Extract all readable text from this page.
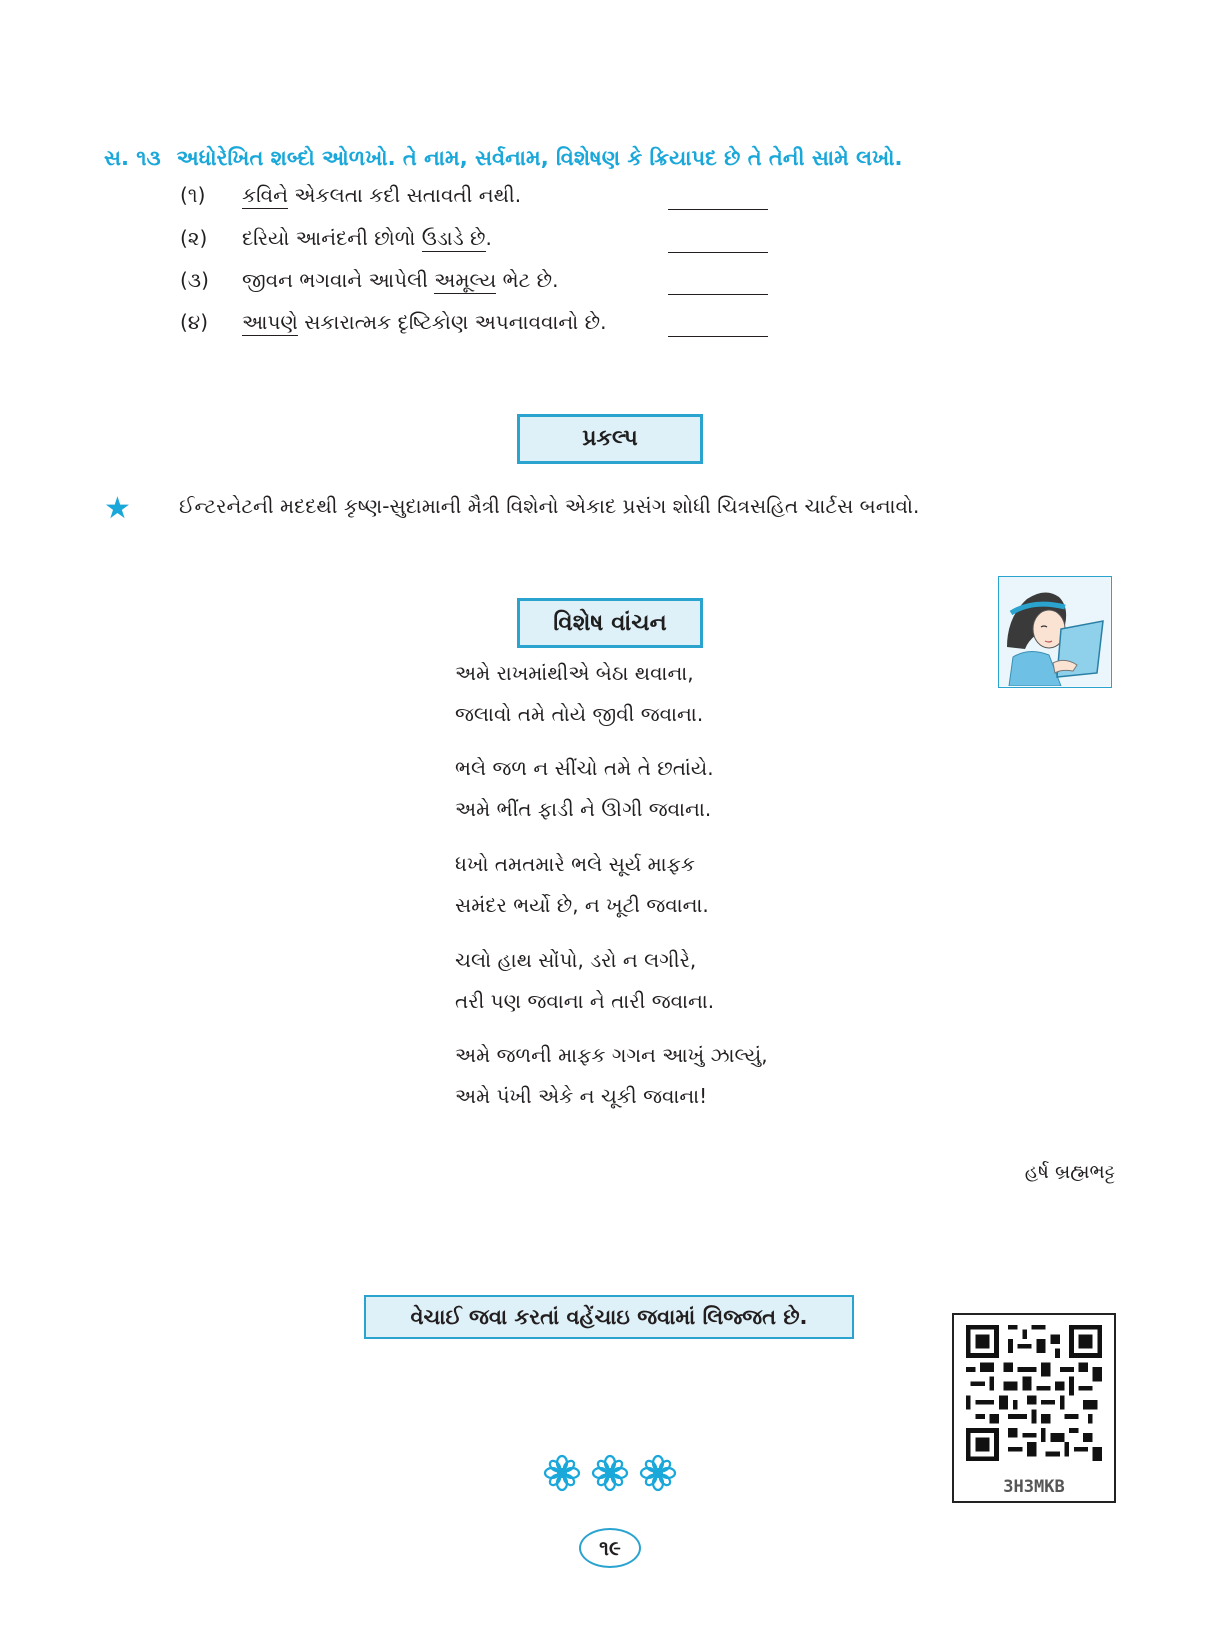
સ. ૧૩ અધોરેખિત શબ્દો ઓળખો. તે નામ, સર્વનામ, વિશેષણ કે ક્રિયાપદ છે તે તેની સામે લખો.
(૧) કવિને એકલતા કદી સતાવતી નથી.
(૨) દરિયો આનંદની છોળો ઉડાડે છે.
(૩) જીવન ભગવાને આપેલી અમૂલ્ય ભેટ છે.
(૪) આપણે સકારાત્મક દૃષ્ટિકોણ અપનાવવાનો છે.
પ્રકલ્પ
★ ઈન્ટરનેટની મદદથી કૃષ્ણ-સુદામાની મૈત્રી વિશેનો એકાદ પ્રસંગ શોધી ચિત્રસહિત ચાર્ટસ બનાવો.
વિશેષ વાંચન
અમે રાખમાંથીએ બેઠા થવાના,
જલાવો તમે તોયે જીવી જવાના.
ભલે જળ ન સીંચો તમે તે છતાંયે.
અમે ભીંત ફાડી ને ઊગી જવાના.
ધખો તમતમારે ભલે સૂર્ય માફક
સમંદર ભર્યો છે, ન ખૂટી જવાના.
ચલો હાથ સોંપો, ડરો ન લગીરે,
તરી પણ જવાના ને તારી જવાના.
અમે જળની માફક ગગન આખું ઝાલ્યું,
અમે પંખી એકે ન ચૂકી જવાના!
હર્ષ બ્રહ્મભટ્ટ
વેચાઈ જવા કરતાં વહેંચાઇ જવામાં લિજ્જત છે.
3H3MKB
૧૯
